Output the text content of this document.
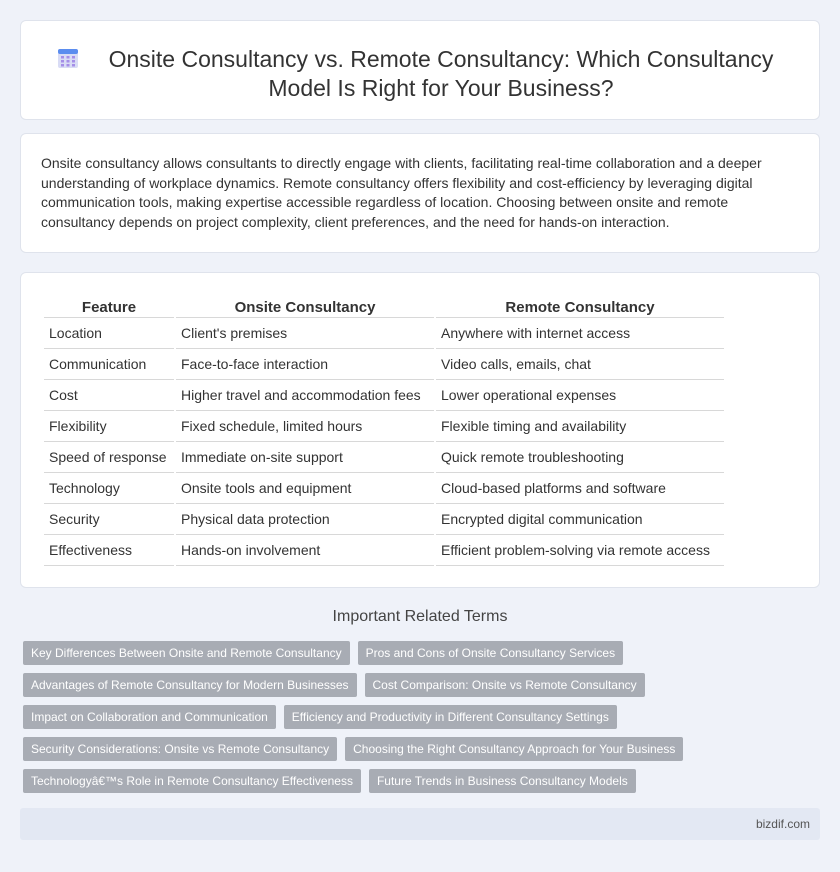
Onsite Consultancy vs. Remote Consultancy: Which Consultancy Model Is Right for Your Business?

Onsite consultancy allows consultants to directly engage with clients, facilitating real-time collaboration and a deeper understanding of workplace dynamics. Remote consultancy offers flexibility and cost-efficiency by leveraging digital communication tools, making expertise accessible regardless of location. Choosing between onsite and remote consultancy depends on project complexity, client preferences, and the need for hands-on interaction.

Feature	Onsite Consultancy	Remote Consultancy
Location	Client's premises	Anywhere with internet access
Communication	Face-to-face interaction	Video calls, emails, chat
Cost	Higher travel and accommodation fees	Lower operational expenses
Flexibility	Fixed schedule, limited hours	Flexible timing and availability
Speed of response	Immediate on-site support	Quick remote troubleshooting
Technology	Onsite tools and equipment	Cloud-based platforms and software
Security	Physical data protection	Encrypted digital communication
Effectiveness	Hands-on involvement	Efficient problem-solving via remote access
Important Related Terms
Key Differences Between Onsite and Remote Consultancy	Pros and Cons of Onsite Consultancy Services
Advantages of Remote Consultancy for Modern Businesses	Cost Comparison: Onsite vs Remote Consultancy
Impact on Collaboration and Communication	Efficiency and Productivity in Different Consultancy Settings
Security Considerations: Onsite vs Remote Consultancy	Choosing the Right Consultancy Approach for Your Business
Technologyâ€™s Role in Remote Consultancy Effectiveness	Future Trends in Business Consultancy Models
bizdif.com
